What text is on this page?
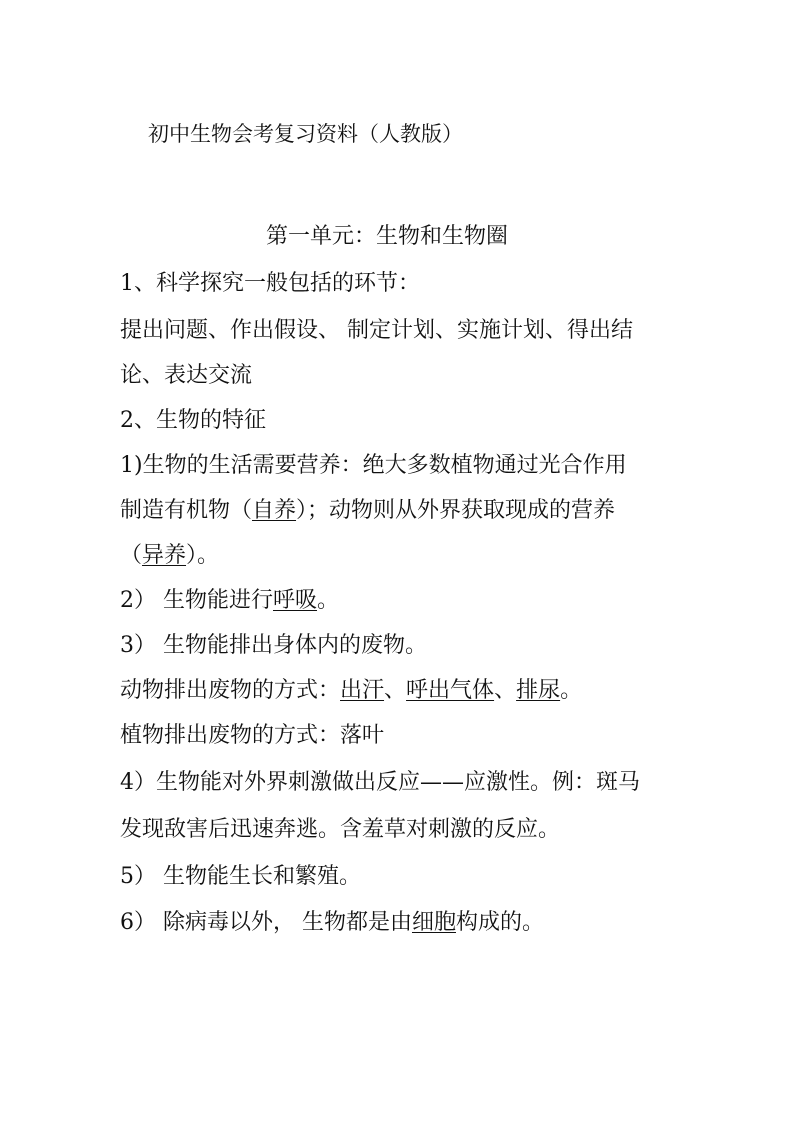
初中生物会考复习资料（人教版）
第一单元：生物和生物圈
1、科学探究一般包括的环节：
提出问题、作出假设、 制定计划、实施计划、得出结
论、表达交流
2、生物的特征
1)生物的生活需要营养：绝大多数植物通过光合作用
制造有机物（自养）；动物则从外界获取现成的营养
（异养）。
2） 生物能进行呼吸。
3） 生物能排出身体内的废物。
动物排出废物的方式：出汗、呼出气体、排尿。
植物排出废物的方式：落叶
4）生物能对外界刺激做出反应——应激性。例：斑马
发现敌害后迅速奔逃。含羞草对刺激的反应。
5） 生物能生长和繁殖。
6） 除病毒以外， 生物都是由细胞构成的。
